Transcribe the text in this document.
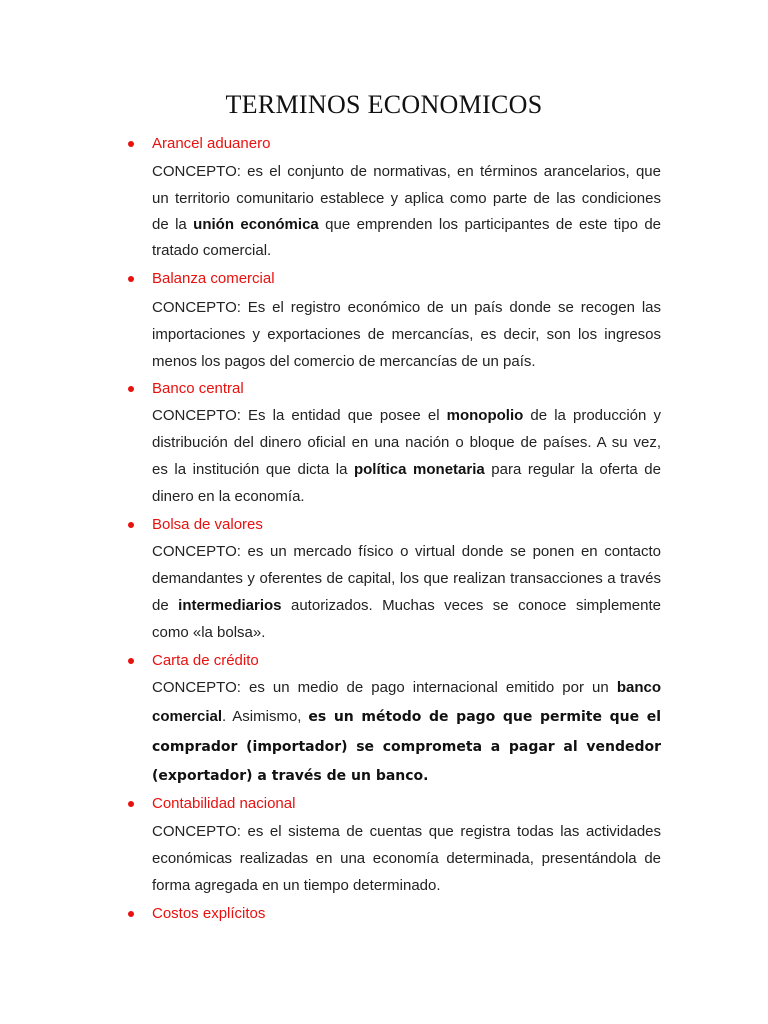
TERMINOS ECONOMICOS
Arancel aduanero
CONCEPTO: es el conjunto de normativas, en términos arancelarios, que
un territorio comunitario establece y aplica como parte de las condiciones
de la unión económica que emprenden los participantes de este tipo de
tratado comercial.
Balanza comercial
CONCEPTO: Es el registro económico de un país donde se recogen las
importaciones y exportaciones de mercancías, es decir, son los ingresos
menos los pagos del comercio de mercancías de un país.
Banco central
CONCEPTO: Es la entidad que posee el monopolio de la producción y
distribución del dinero oficial en una nación o bloque de países. A su vez,
es la institución que dicta la política monetaria para regular la oferta de
dinero en la economía.
Bolsa de valores
CONCEPTO: es un mercado físico o virtual donde se ponen en contacto
demandantes y oferentes de capital, los que realizan transacciones a través
de intermediarios autorizados. Muchas veces se conoce simplemente
como «la bolsa».
Carta de crédito
CONCEPTO: es un medio de pago internacional emitido por un banco
comercial. Asimismo, es un método de pago que permite que el
comprador (importador) se comprometa a pagar al vendedor
(exportador) a través de un banco.
Contabilidad nacional
CONCEPTO: es el sistema de cuentas que registra todas las actividades
económicas realizadas en una economía determinada, presentándola de
forma agregada en un tiempo determinado.
Costos explícitos
